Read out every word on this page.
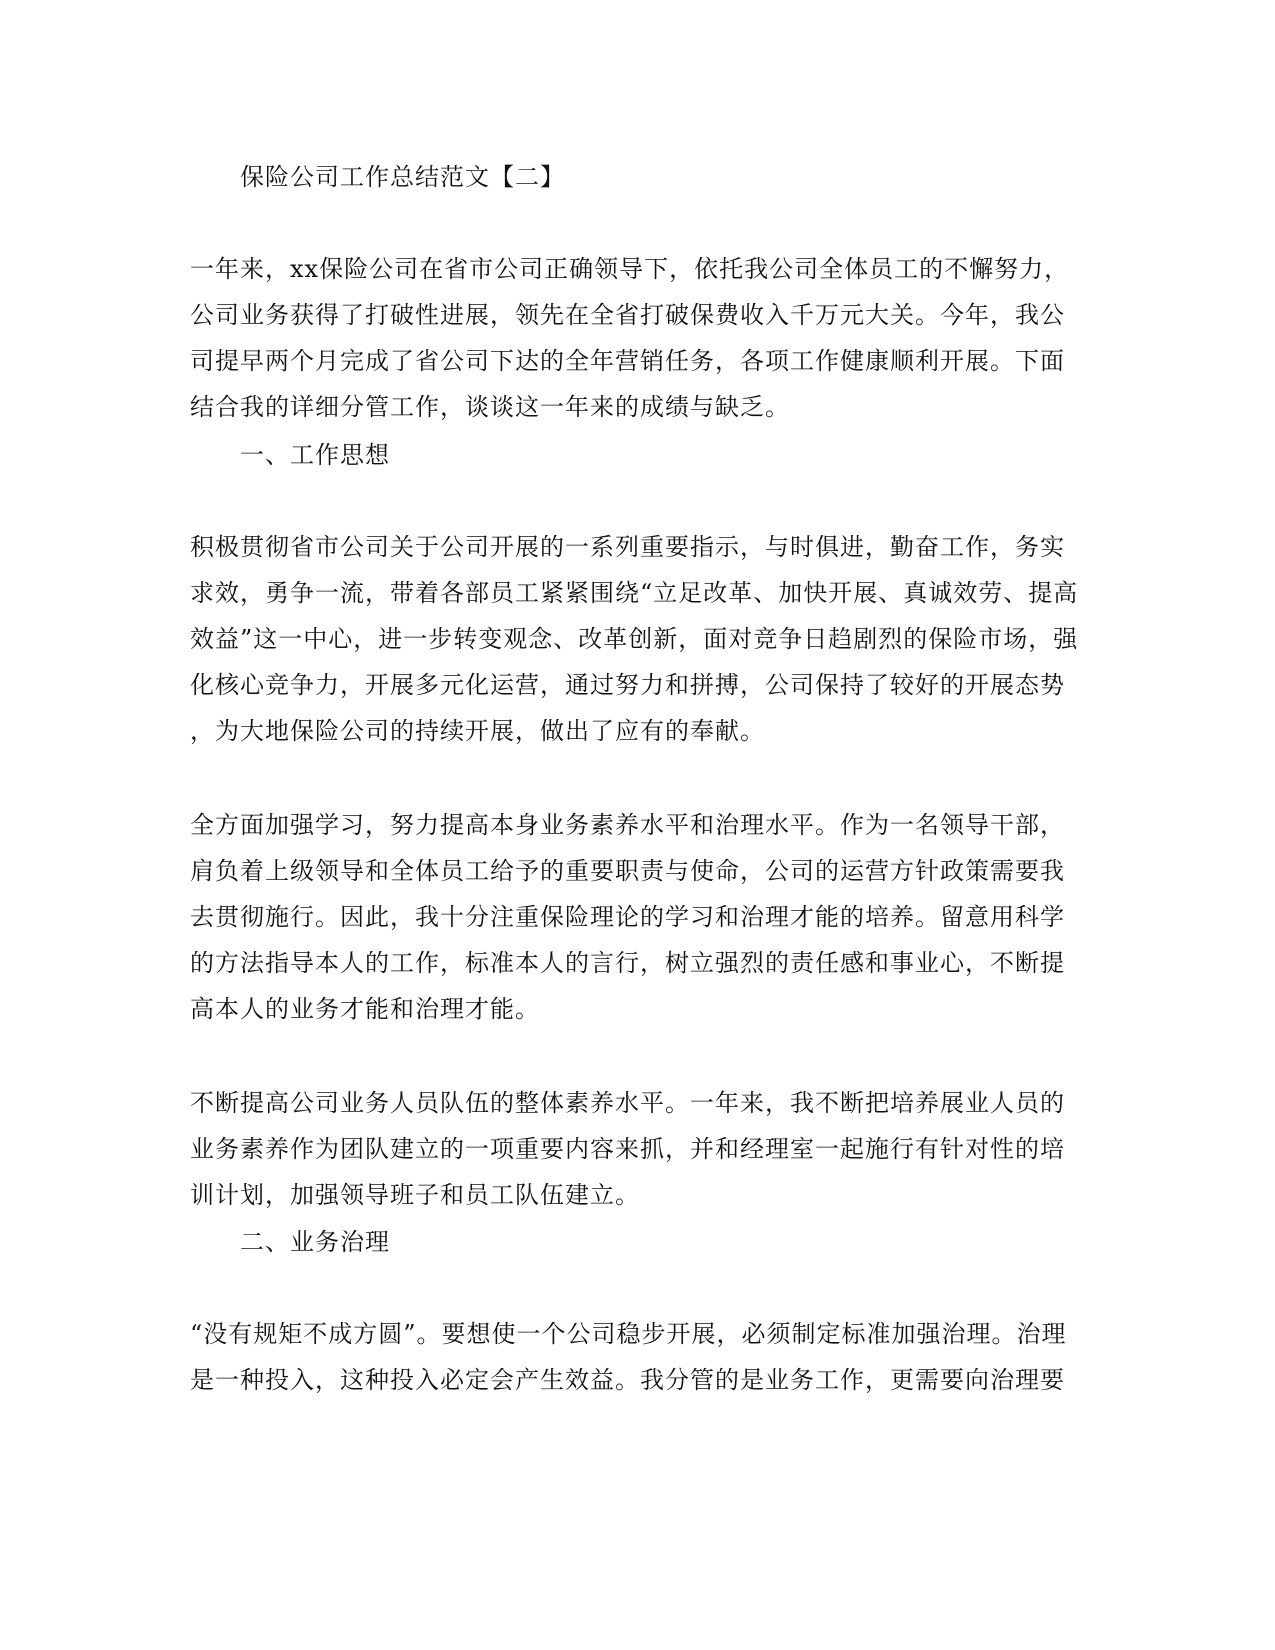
保险公司工作总结范文【二】
一年来，xx保险公司在省市公司正确领导下，依托我公司全体员工的不懈努力，
公司业务获得了打破性进展，领先在全省打破保费收入千万元大关。今年，我公
司提早两个月完成了省公司下达的全年营销任务，各项工作健康顺利开展。下面
结合我的详细分管工作，谈谈这一年来的成绩与缺乏。
一、工作思想
积极贯彻省市公司关于公司开展的一系列重要指示，与时俱进，勤奋工作，务实
求效，勇争一流，带着各部员工紧紧围绕“立足改革、加快开展、真诚效劳、提高
效益”这一中心，进一步转变观念、改革创新，面对竞争日趋剧烈的保险市场，强
化核心竞争力，开展多元化运营，通过努力和拼搏，公司保持了较好的开展态势
，为大地保险公司的持续开展，做出了应有的奉献。
全方面加强学习，努力提高本身业务素养水平和治理水平。作为一名领导干部，
肩负着上级领导和全体员工给予的重要职责与使命，公司的运营方针政策需要我
去贯彻施行。因此，我十分注重保险理论的学习和治理才能的培养。留意用科学
的方法指导本人的工作，标准本人的言行，树立强烈的责任感和事业心，不断提
高本人的业务才能和治理才能。
不断提高公司业务人员队伍的整体素养水平。一年来，我不断把培养展业人员的
业务素养作为团队建立的一项重要内容来抓，并和经理室一起施行有针对性的培
训计划，加强领导班子和员工队伍建立。
二、业务治理
“没有规矩不成方圆”。要想使一个公司稳步开展，必须制定标准加强治理。治理
是一种投入，这种投入必定会产生效益。我分管的是业务工作，更需要向治理要
